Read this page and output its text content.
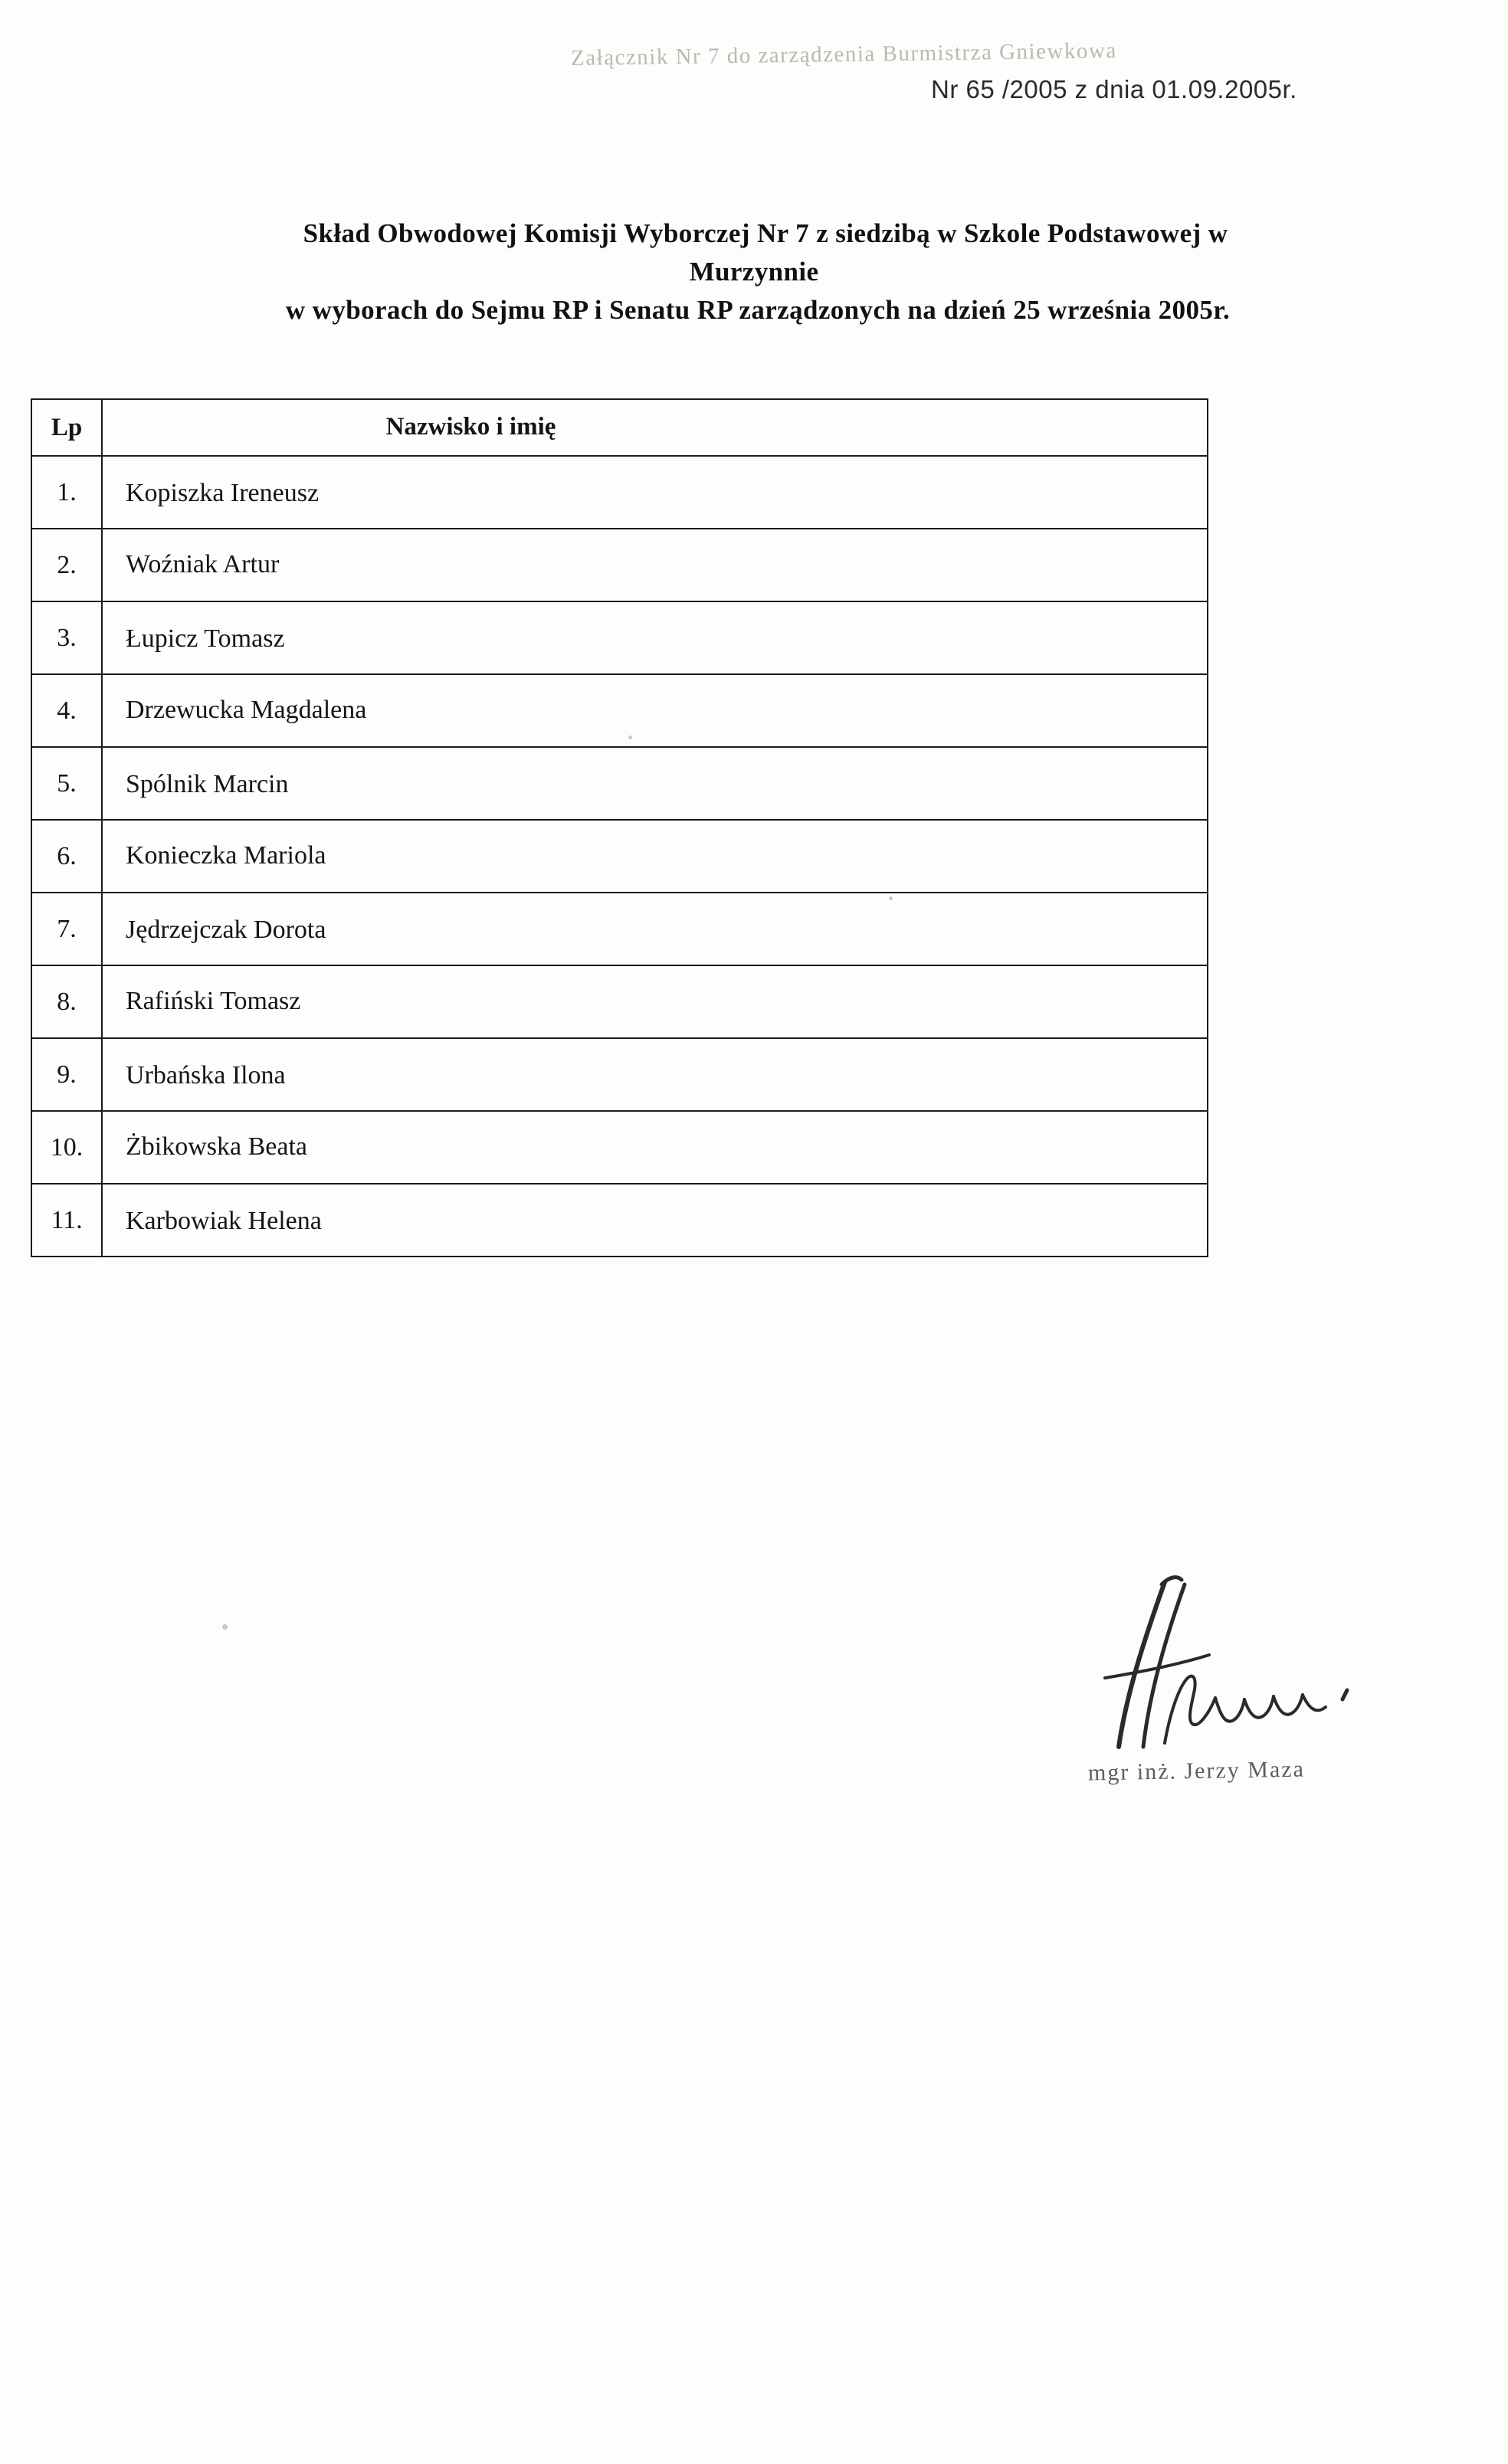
Załącznik Nr 7 do zarządzenia Burmistrza Gniewkowa
Nr 65 /2005 z dnia 01.09.2005r.
Skład Obwodowej Komisji Wyborczej Nr 7 z siedzibą w Szkole Podstawowej w
Murzynnie
w wyborach do Sejmu RP i Senatu RP zarządzonych na dzień 25 września 2005r.
Lp	Nazwisko i imię
1.	Kopiszka Ireneusz
2.	Woźniak Artur
3.	Łupicz Tomasz
4.	Drzewucka Magdalena
5.	Spólnik Marcin
6.	Konieczka Mariola
7.	Jędrzejczak Dorota
8.	Rafiński Tomasz
9.	Urbańska Ilona
10.	Żbikowska Beata
11.	Karbowiak Helena
mgr inż. Jerzy Mazа
